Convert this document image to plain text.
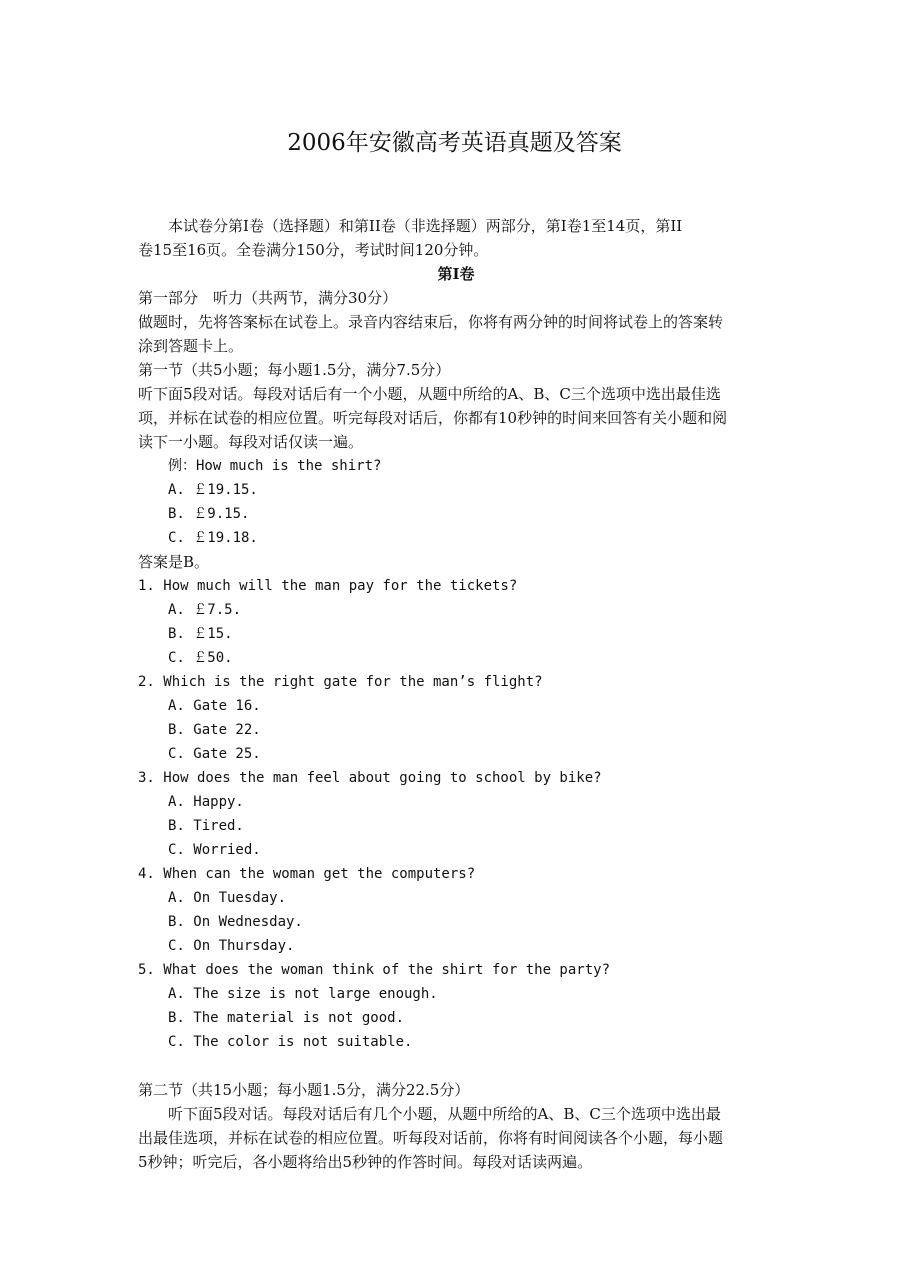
2006年安徽高考英语真题及答案

本试卷分第Ⅰ卷（选择题）和第II卷（非选择题）两部分，第Ⅰ卷1至14页，第II

卷15至16页。全卷满分150分，考试时间120分钟。

第Ⅰ卷

第一部分　听力（共两节，满分30分）

做题时，先将答案标在试卷上。录音内容结束后，你将有两分钟的时间将试卷上的答案转

涂到答题卡上。

第一节（共5小题；每小题1.5分，满分7.5分）

听下面5段对话。每段对话后有一个小题，从题中所给的A、B、C三个选项中选出最佳选

项，并标在试卷的相应位置。听完每段对话后，你都有10秒钟的时间来回答有关小题和阅

读下一小题。每段对话仅读一遍。

例：How much is the shirt?

A. ￡19.15.

B. ￡9.15.

C. ￡19.18.

答案是B。

1. How much will the man pay for the tickets?

A. ￡7.5.

B. ￡15.

C. ￡50.

2. Which is the right gate for the man’s flight?

A. Gate 16.

B. Gate 22.

C. Gate 25.

3. How does the man feel about going to school by bike?

A. Happy.

B. Tired.

C. Worried.

4. When can the woman get the computers?

A. On Tuesday.

B. On Wednesday.

C. On Thursday.

5. What does the woman think of the shirt for the party?

A. The size is not large enough.

B. The material is not good.

C. The color is not suitable.

第二节（共15小题；每小题1.5分，满分22.5分）

听下面5段对话。每段对话后有几个小题，从题中所给的A、B、C三个选项中选出最

出最佳选项，并标在试卷的相应位置。听每段对话前，你将有时间阅读各个小题，每小题

5秒钟；听完后，各小题将给出5秒钟的作答时间。每段对话读两遍。
